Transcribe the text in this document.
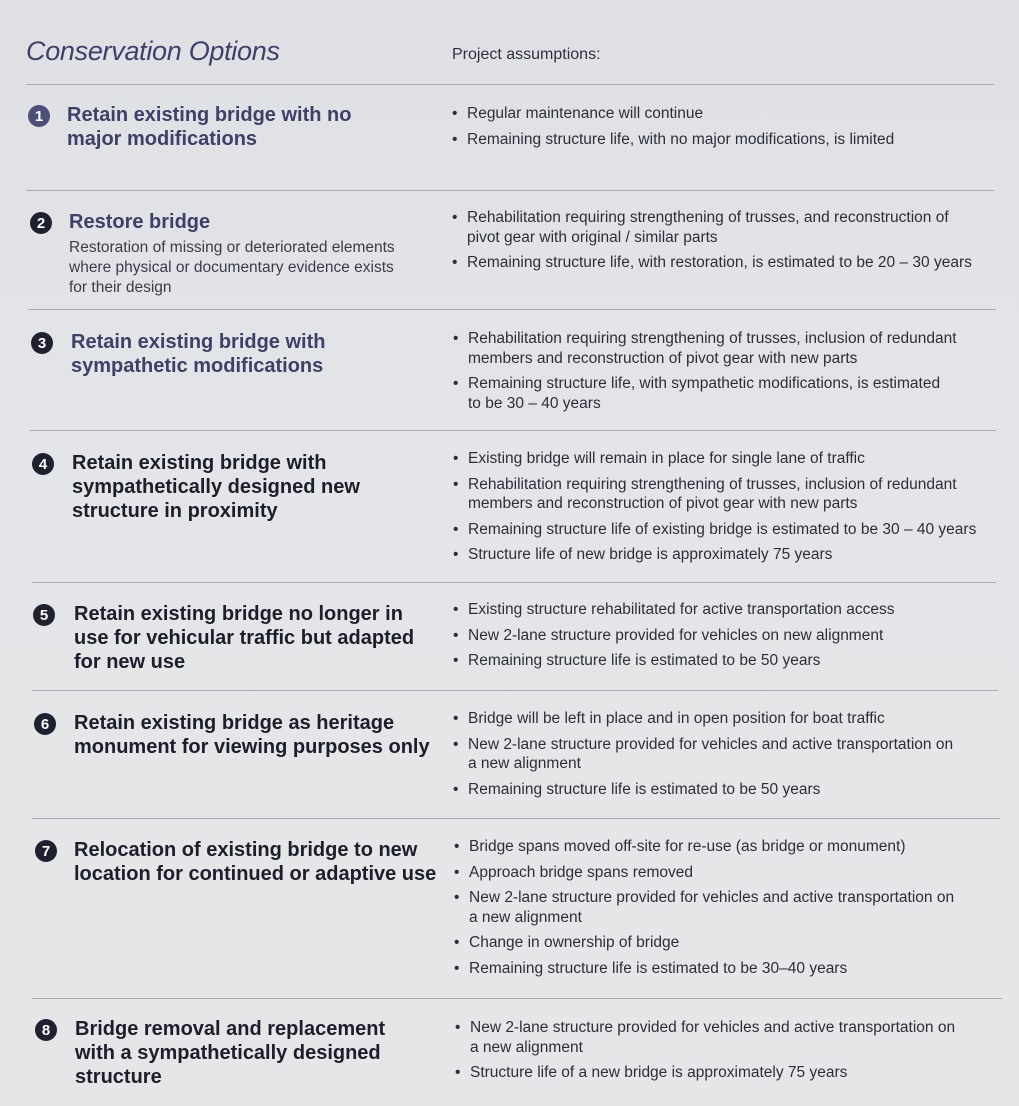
Conservation Options	Project assumptions:
1	Retain existing bridge with no
major modifications
• Regular maintenance will continue
• Remaining structure life, with no major modifications, is limited
2	Restore bridge
Restoration of missing or deteriorated elements
where physical or documentary evidence exists
for their design
• Rehabilitation requiring strengthening of trusses, and reconstruction of
pivot gear with original / similar parts
• Remaining structure life, with restoration, is estimated to be 20 – 30 years
3	Retain existing bridge with
sympathetic modifications
• Rehabilitation requiring strengthening of trusses, inclusion of redundant
members and reconstruction of pivot gear with new parts
• Remaining structure life, with sympathetic modifications, is estimated
to be 30 – 40 years
4	Retain existing bridge with
sympathetically designed new
structure in proximity
• Existing bridge will remain in place for single lane of traffic
• Rehabilitation requiring strengthening of trusses, inclusion of redundant
members and reconstruction of pivot gear with new parts
• Remaining structure life of existing bridge is estimated to be 30 – 40 years
• Structure life of new bridge is approximately 75 years
5	Retain existing bridge no longer in
use for vehicular traffic but adapted
for new use
• Existing structure rehabilitated for active transportation access
• New 2-lane structure provided for vehicles on new alignment
• Remaining structure life is estimated to be 50 years
6	Retain existing bridge as heritage
monument for viewing purposes only
• Bridge will be left in place and in open position for boat traffic
• New 2-lane structure provided for vehicles and active transportation on
a new alignment
• Remaining structure life is estimated to be 50 years
7	Relocation of existing bridge to new
location for continued or adaptive use
• Bridge spans moved off-site for re-use (as bridge or monument)
• Approach bridge spans removed
• New 2-lane structure provided for vehicles and active transportation on
a new alignment
• Change in ownership of bridge
• Remaining structure life is estimated to be 30–40 years
8	Bridge removal and replacement
with a sympathetically designed
structure
• New 2-lane structure provided for vehicles and active transportation on
a new alignment
• Structure life of a new bridge is approximately 75 years
